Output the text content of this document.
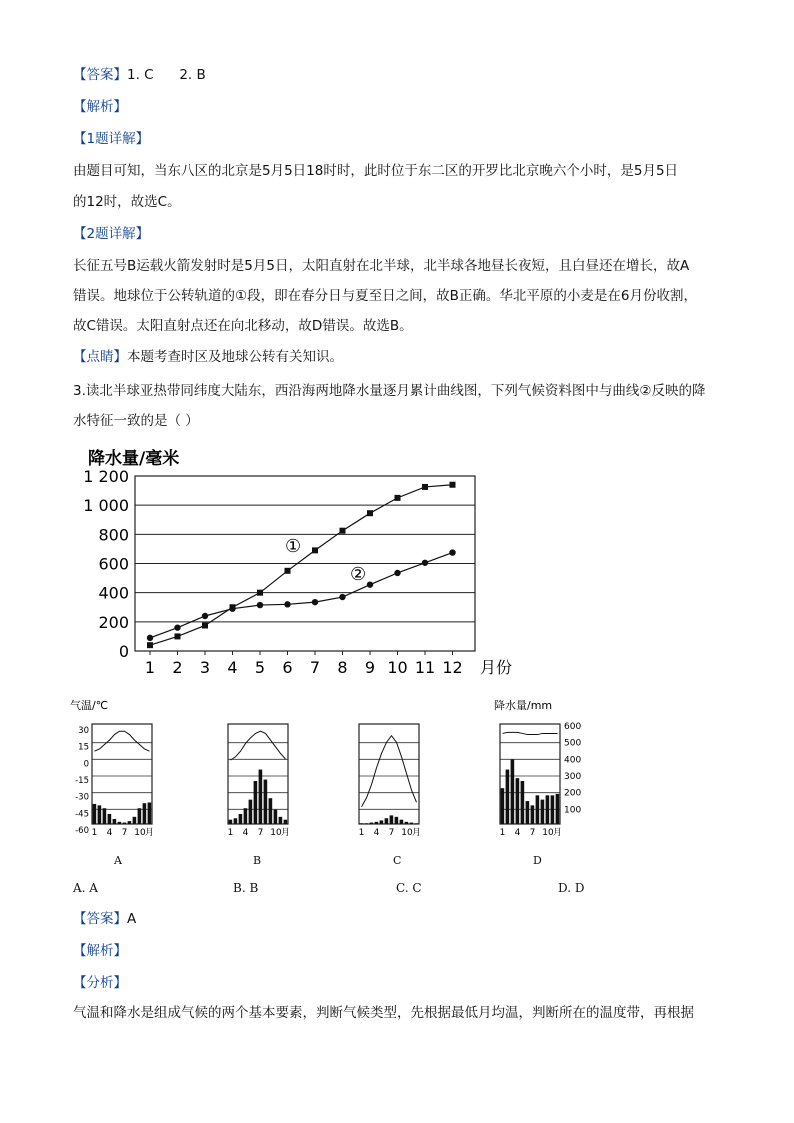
【答案】1. C      2. B
【解析】
【1题详解】
由题目可知，当东八区的北京是5月5日18时时，此时位于东二区的开罗比北京晚六个小时，是5月5日
的12时，故选C。
【2题详解】
长征五号B运载火箭发射时是5月5日，太阳直射在北半球，北半球各地昼长夜短，且白昼还在增长，故A
错误。地球位于公转轨道的①段，即在春分日与夏至日之间，故B正确。华北平原的小麦是在6月份收割，
故C错误。太阳直射点还在向北移动，故D错误。故选B。
【点睛】本题考查时区及地球公转有关知识。
3.读北半球亚热带同纬度大陆东，西沿海两地降水量逐月累计曲线图，下列气候资料图中与曲线②反映的降
水特征一致的是（ ）
降水量/毫米
0
200
400
600
800
1 000
1 200
1 2 3 4 5 6 7 8 9 10 11 12 月份
①
②
气温/℃
30
15
0
-15
-30
-45
-60 1 4 7 10 月	1 4 7 10 月	1 4 7 10 月
降水量/mm
600
500
400
300
200
100
1 4 7 10 月
A	B	C	D
A. A	B. B	C. C	D. D
【答案】A
【解析】
【分析】
气温和降水是组成气候的两个基本要素，判断气候类型，先根据最低月均温，判断所在的温度带，再根据
